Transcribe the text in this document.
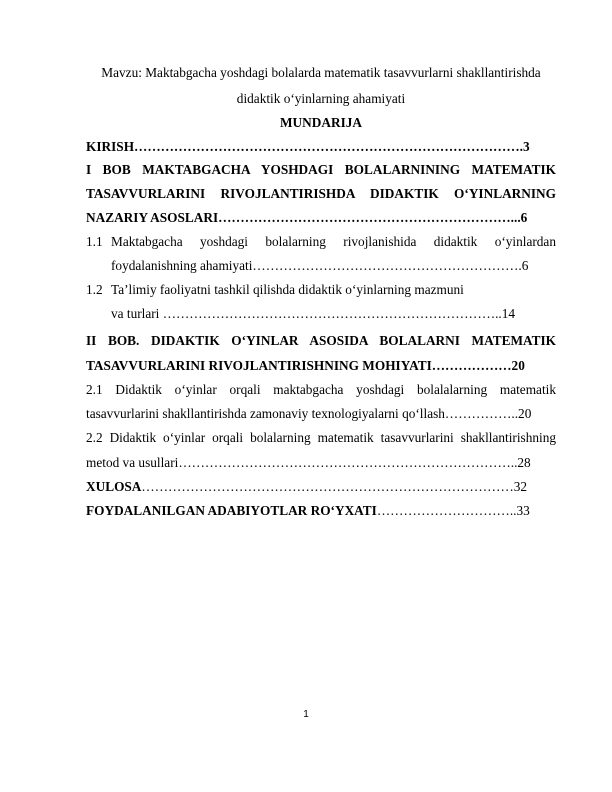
Mavzu: Maktabgacha yoshdagi bolalarda matematik tasavvurlarni shakllantirishda
didaktik o‘yinlarning ahamiyati
MUNDARIJA
KIRISH…………………………………………………………………………….3
I BOB MAKTABGACHA YOSHDAGI BOLALARNINING MATEMATIK
TASAVVURLARINI RIVOJLANTIRISHDA DIDAKTIK O‘YINLARNING
NAZARIY ASOSLARI…………………………………………………………...6
1.1 Maktabgacha yoshdagi bolalarning rivojlanishida didaktik o‘yinlardan
foydalanishning ahamiyati…………………………………………………….6
1.2 Ta’limiy faoliyatni tashkil qilishda didaktik o‘yinlarning mazmuni
va turlari …………………………………………………………………..14
II BOB. DIDAKTIK O‘YINLAR ASOSIDA BOLALARNI MATEMATIK
TASAVVURLARINI RIVOJLANTIRISHNING MOHIYATI………………20
2.1 Didaktik o‘yinlar orqali maktabgacha yoshdagi bolalalarning matematik
tasavvurlarini shakllantirishda zamonaviy texnologiyalarni qo‘llash……………..20
2.2 Didaktik o‘yinlar orqali bolalarning matematik tasavvurlarini shakllantirishning
metod va usullari…………………………………………………………………..28
XULOSA…………………………………………………………………………32
FOYDALANILGAN ADABIYOTLAR RO‘YXATI…………………………..33
1
